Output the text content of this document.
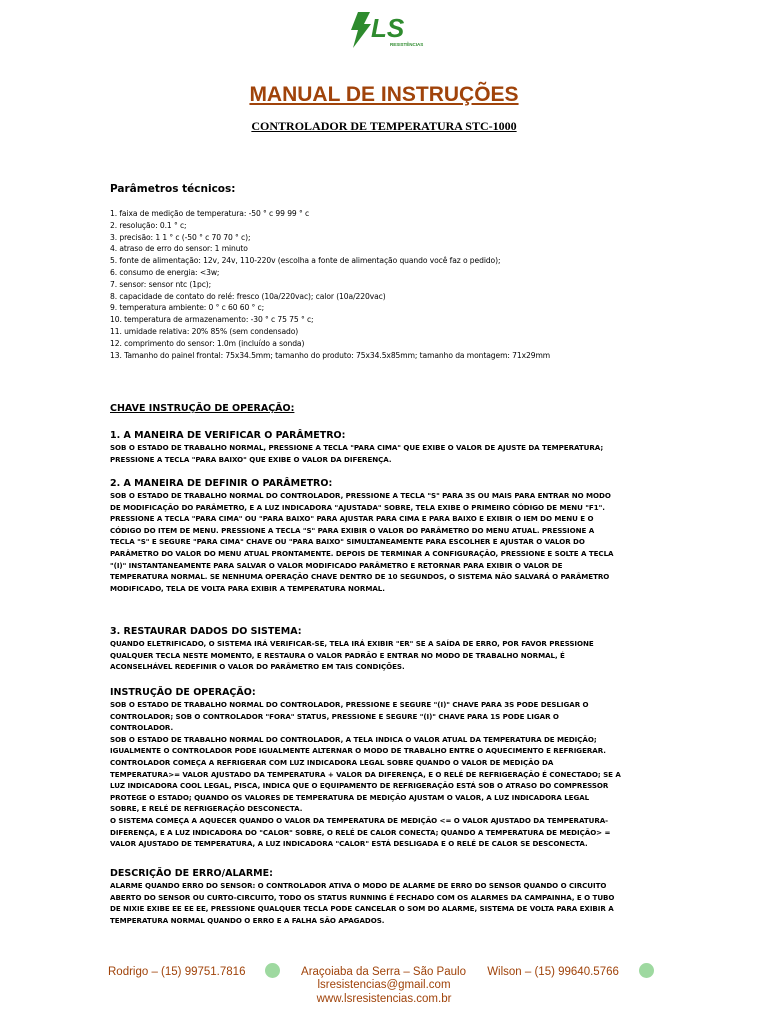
LS
RESISTÊNCIAS
MANUAL DE INSTRUÇÕES
CONTROLADOR DE TEMPERATURA STC-1000
Parâmetros técnicos:
1. faixa de medição de temperatura: -50 ° c 99 99 ° c
2. resolução: 0.1 ° c;
3. precisão: 1 1 ° c (-50 ° c 70 70 ° c);
4. atraso de erro do sensor: 1 minuto
5. fonte de alimentação: 12v, 24v, 110-220v (escolha a fonte de alimentação quando você faz o pedido);
6. consumo de energia: <3w;
7. sensor: sensor ntc (1pc);
8. capacidade de contato do relé: fresco (10a/220vac); calor (10a/220vac)
9. temperatura ambiente: 0 ° c 60 60 ° c;
10. temperatura de armazenamento: -30 ° c 75 75 ° c;
11. umidade relativa: 20% 85% (sem condensado)
12. comprimento do sensor: 1.0m (incluído a sonda)
13. Tamanho do painel frontal: 75x34.5mm; tamanho do produto: 75x34.5x85mm; tamanho da montagem: 71x29mm
CHAVE INSTRUÇÃO DE OPERAÇÃO:
1. A MANEIRA DE VERIFICAR O PARÂMETRO:
SOB O ESTADO DE TRABALHO NORMAL, PRESSIONE A TECLA "PARA CIMA" QUE EXIBE O VALOR DE AJUSTE DA TEMPERATURA;
PRESSIONE A TECLA "PARA BAIXO" QUE EXIBE O VALOR DA DIFERENÇA.
2. A MANEIRA DE DEFINIR O PARÂMETRO:
SOB O ESTADO DE TRABALHO NORMAL DO CONTROLADOR, PRESSIONE A TECLA "S" PARA 3S OU MAIS PARA ENTRAR NO MODO
DE MODIFICAÇÃO DO PARÂMETRO, E A LUZ INDICADORA "AJUSTADA" SOBRE, TELA EXIBE O PRIMEIRO CÓDIGO DE MENU "F1".
PRESSIONE A TECLA "PARA CIMA" OU "PARA BAIXO" PARA AJUSTAR PARA CIMA E PARA BAIXO E EXIBIR O IEM DO MENU E O
CÓDIGO DO ITEM DE MENU. PRESSIONE A TECLA "S" PARA EXIBIR O VALOR DO PARÂMETRO DO MENU ATUAL. PRESSIONE A
TECLA "S" E SEGURE "PARA CIMA" CHAVE OU "PARA BAIXO" SIMULTANEAMENTE PARA ESCOLHER E AJUSTAR O VALOR DO
PARÂMETRO DO VALOR DO MENU ATUAL PRONTAMENTE. DEPOIS DE TERMINAR A CONFIGURAÇÃO, PRESSIONE E SOLTE A TECLA
"(I)" INSTANTANEAMENTE PARA SALVAR O VALOR MODIFICADO PARÂMETRO E RETORNAR PARA EXIBIR O VALOR DE
TEMPERATURA NORMAL. SE NENHUMA OPERAÇÃO CHAVE DENTRO DE 10 SEGUNDOS, O SISTEMA NÃO SALVARÁ O PARÂMETRO
MODIFICADO, TELA DE VOLTA PARA EXIBIR A TEMPERATURA NORMAL.
3. RESTAURAR DADOS DO SISTEMA:
QUANDO ELETRIFICADO, O SISTEMA IRÁ VERIFICAR-SE, TELA IRÁ EXIBIR "ER" SE A SAÍDA DE ERRO, POR FAVOR PRESSIONE
QUALQUER TECLA NESTE MOMENTO, E RESTAURA O VALOR PADRÃO E ENTRAR NO MODO DE TRABALHO NORMAL, É
ACONSELHÁVEL REDEFINIR O VALOR DO PARÂMETRO EM TAIS CONDIÇÕES.
INSTRUÇÃO DE OPERAÇÃO:
SOB O ESTADO DE TRABALHO NORMAL DO CONTROLADOR, PRESSIONE E SEGURE "(I)" CHAVE PARA 3S PODE DESLIGAR O
CONTROLADOR; SOB O CONTROLADOR "FORA" STATUS, PRESSIONE E SEGURE "(I)" CHAVE PARA 1S PODE LIGAR O
CONTROLADOR.
SOB O ESTADO DE TRABALHO NORMAL DO CONTROLADOR, A TELA INDICA O VALOR ATUAL DA TEMPERATURA DE MEDIÇÃO;
IGUALMENTE O CONTROLADOR PODE IGUALMENTE ALTERNAR O MODO DE TRABALHO ENTRE O AQUECIMENTO E REFRIGERAR.
CONTROLADOR COMEÇA A REFRIGERAR COM LUZ INDICADORA LEGAL SOBRE QUANDO O VALOR DE MEDIÇÃO DA
TEMPERATURA>= VALOR AJUSTADO DA TEMPERATURA + VALOR DA DIFERENÇA, E O RELÉ DE REFRIGERAÇÃO É CONECTADO; SE A
LUZ INDICADORA COOL LEGAL, PISCA, INDICA QUE O EQUIPAMENTO DE REFRIGERAÇÃO ESTÁ SOB O ATRASO DO COMPRESSOR
PROTEGE O ESTADO; QUANDO OS VALORES DE TEMPERATURA DE MEDIÇÃO AJUSTAM O VALOR, A LUZ INDICADORA LEGAL
SOBRE, E RELÉ DE REFRIGERAÇÃO DESCONECTA.
O SISTEMA COMEÇA A AQUECER QUANDO O VALOR DA TEMPERATURA DE MEDIÇÃO <= O VALOR AJUSTADO DA TEMPERATURA-
DIFERENÇA, E A LUZ INDICADORA DO "CALOR" SOBRE, O RELÉ DE CALOR CONECTA; QUANDO A TEMPERATURA DE MEDIÇÃO> =
VALOR AJUSTADO DE TEMPERATURA, A LUZ INDICADORA "CALOR" ESTÁ DESLIGADA E O RELÉ DE CALOR SE DESCONECTA.
DESCRIÇÃO DE ERRO/ALARME:
ALARME QUANDO ERRO DO SENSOR: O CONTROLADOR ATIVA O MODO DE ALARME DE ERRO DO SENSOR QUANDO O CIRCUITO
ABERTO DO SENSOR OU CURTO-CIRCUITO, TODO OS STATUS RUNNING É FECHADO COM OS ALARMES DA CAMPAINHA, E O TUBO
DE NIXIE EXIBE EE EE EE, PRESSIONE QUALQUER TECLA PODE CANCELAR O SOM DO ALARME, SISTEMA DE VOLTA PARA EXIBIR A
TEMPERATURA NORMAL QUANDO O ERRO E A FALHA SÃO APAGADOS.
Rodrigo – (15) 99751.7816	Araçoiaba da Serra – São Paulo Wilson – (15) 99640.5766
lsresistencias@gmail.com
www.lsresistencias.com.br
